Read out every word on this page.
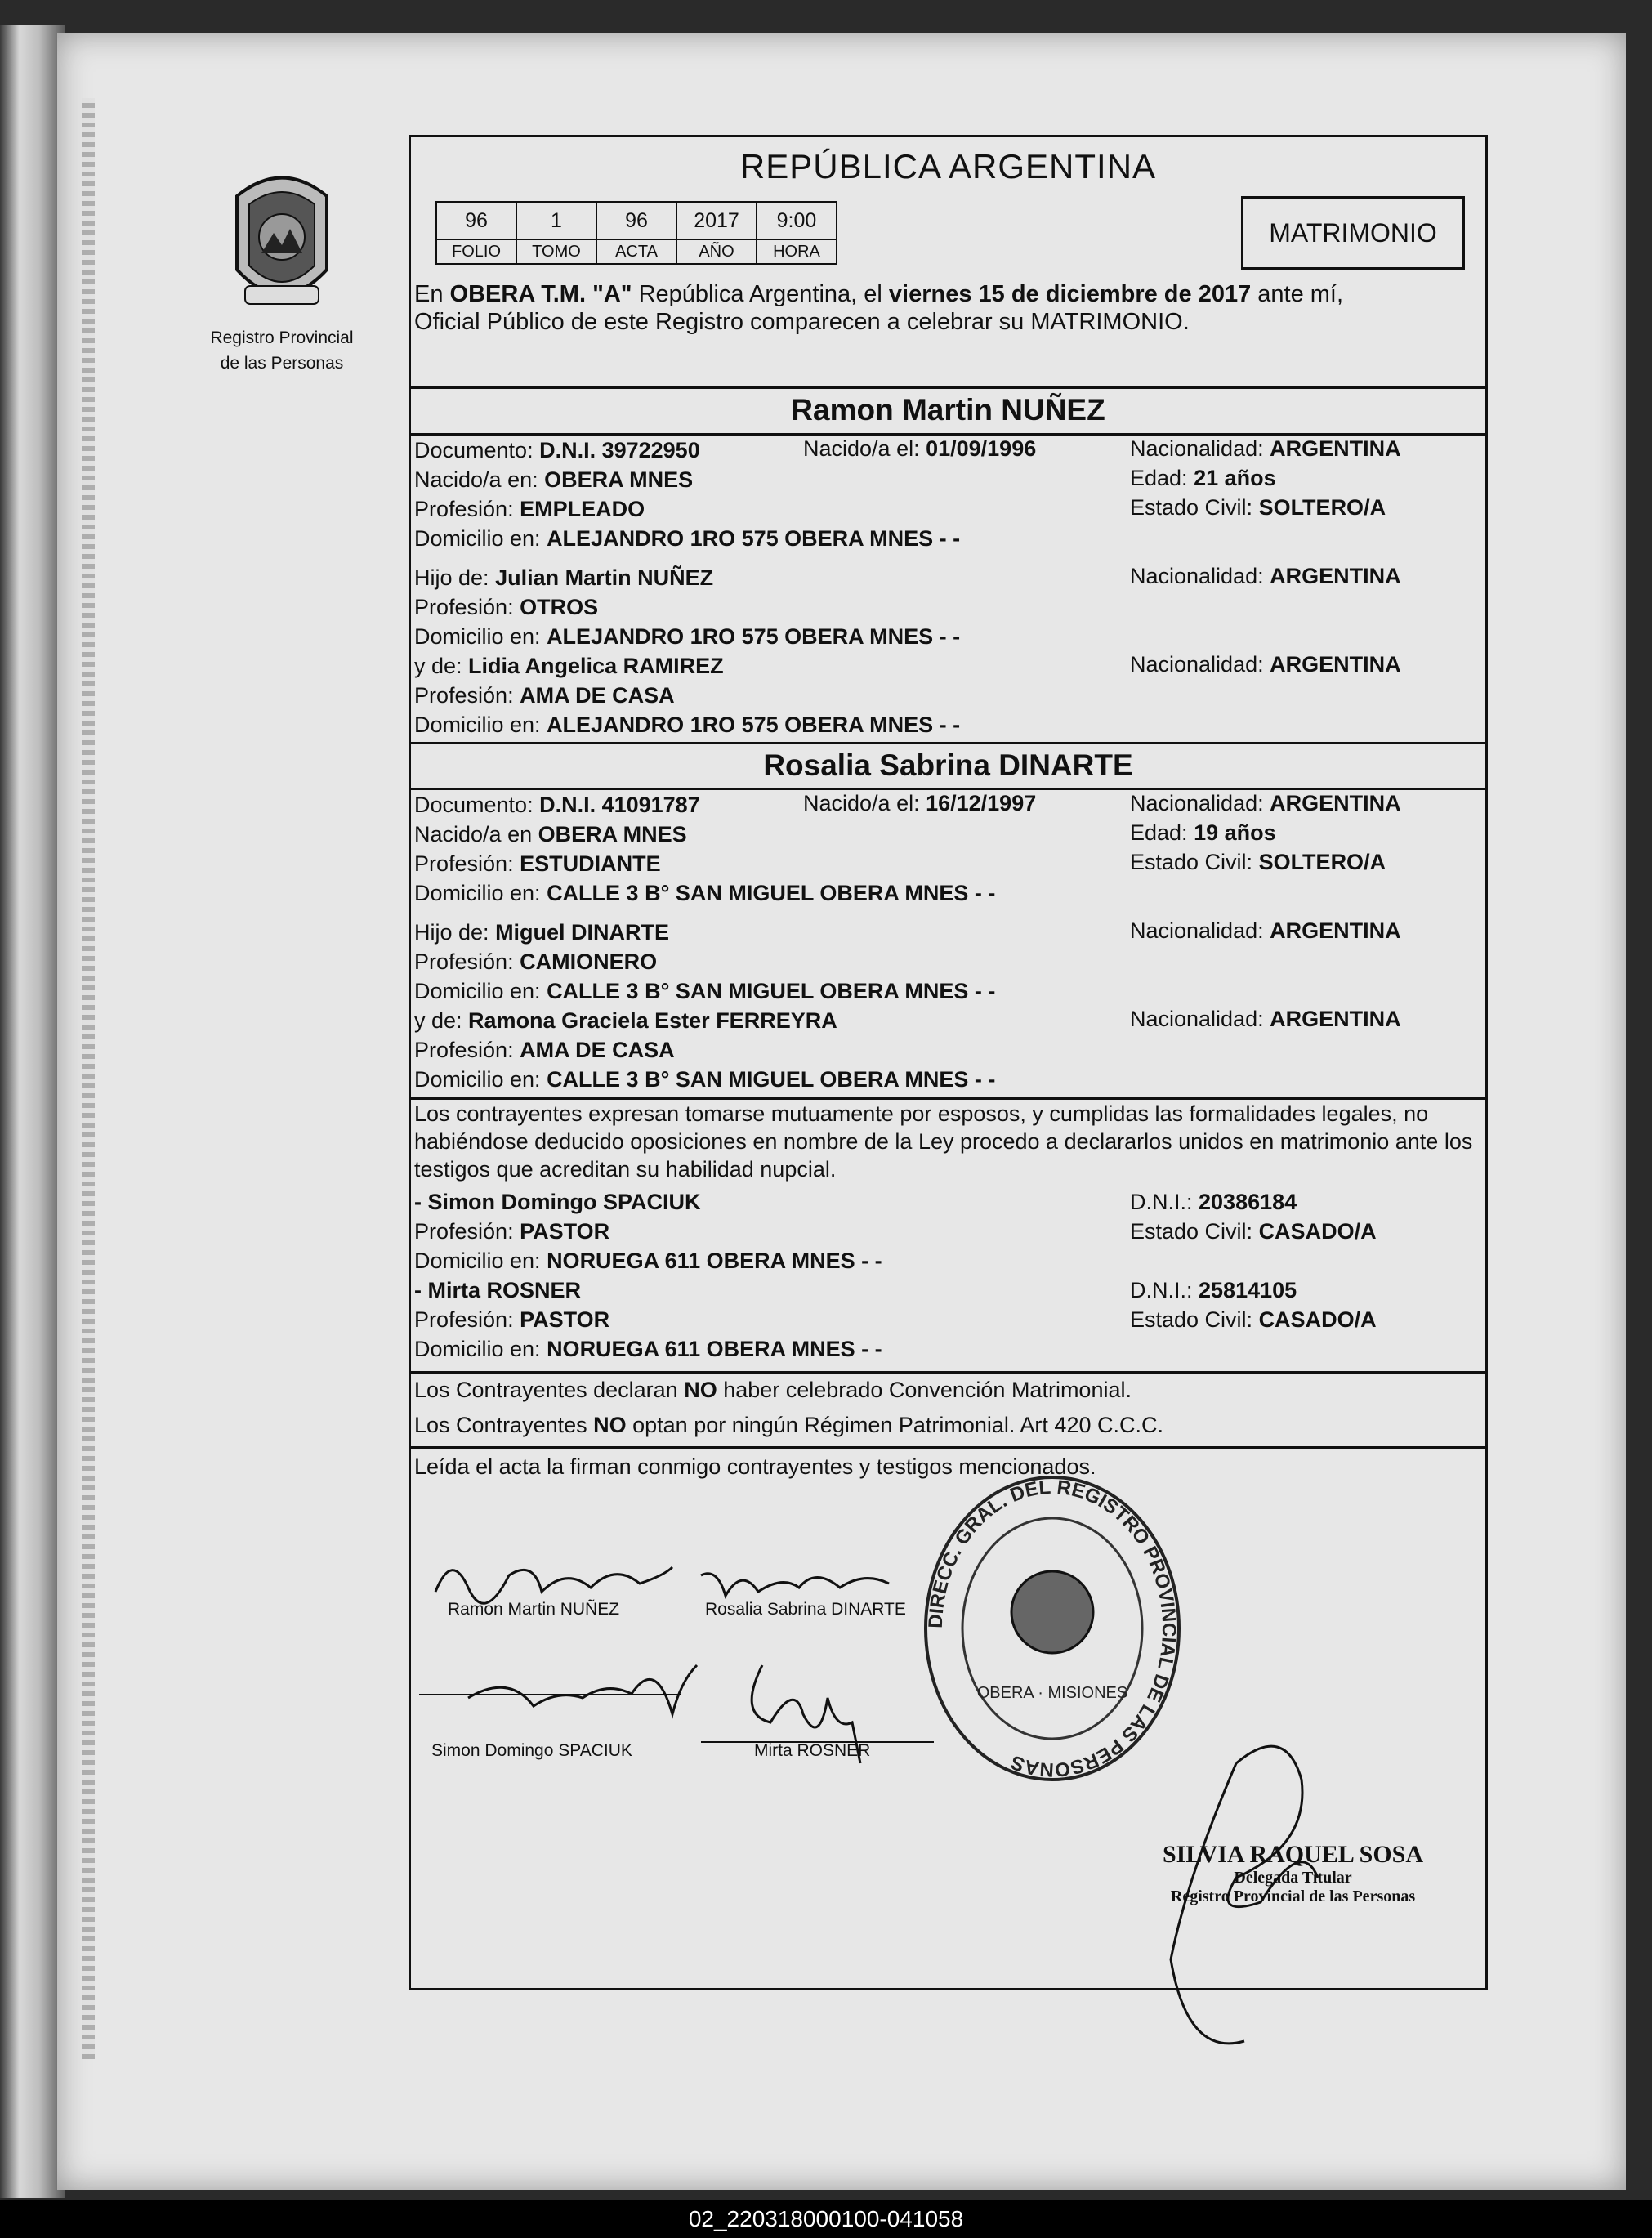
Registro Provincial
de las Personas
REPÚBLICA ARGENTINA
96	1	96	2017	9:00
FOLIO	TOMO	ACTA	AÑO	HORA
MATRIMONIO
En OBERA T.M. "A" República Argentina, el viernes 15 de diciembre de 2017 ante mí,
Oficial Público de este Registro comparecen a celebrar su MATRIMONIO.
Ramon Martin NUÑEZ
Documento: D.N.I. 39722950	Nacido/a el: 01/09/1996	Nacionalidad: ARGENTINA
Nacido/a en: OBERA MNES	Edad: 21 años
Profesión: EMPLEADO	Estado Civil: SOLTERO/A
Domicilio en: ALEJANDRO 1RO 575 OBERA MNES - -
Hijo de: Julian Martin NUÑEZ	Nacionalidad: ARGENTINA
Profesión: OTROS
Domicilio en: ALEJANDRO 1RO 575 OBERA MNES - -
y de: Lidia Angelica RAMIREZ	Nacionalidad: ARGENTINA
Profesión: AMA DE CASA
Domicilio en: ALEJANDRO 1RO 575 OBERA MNES - -
Rosalia Sabrina DINARTE
Documento: D.N.I. 41091787	Nacido/a el: 16/12/1997	Nacionalidad: ARGENTINA
Nacido/a en OBERA MNES	Edad: 19 años
Profesión: ESTUDIANTE	Estado Civil: SOLTERO/A
Domicilio en: CALLE 3 B° SAN MIGUEL OBERA MNES - -
Hijo de: Miguel DINARTE	Nacionalidad: ARGENTINA
Profesión: CAMIONERO
Domicilio en: CALLE 3 B° SAN MIGUEL OBERA MNES - -
y de: Ramona Graciela Ester FERREYRA	Nacionalidad: ARGENTINA
Profesión: AMA DE CASA
Domicilio en: CALLE 3 B° SAN MIGUEL OBERA MNES - -
Los contrayentes expresan tomarse mutuamente por esposos, y cumplidas las formalidades legales, no habiéndose deducido oposiciones en nombre de la Ley procedo a declararlos unidos en matrimonio ante los testigos que acreditan su habilidad nupcial.
- Simon Domingo SPACIUK	D.N.I.: 20386184
Profesión: PASTOR	Estado Civil: CASADO/A
Domicilio en: NORUEGA 611 OBERA MNES - -
- Mirta ROSNER	D.N.I.: 25814105
Profesión: PASTOR	Estado Civil: CASADO/A
Domicilio en: NORUEGA 611 OBERA MNES - -
Los Contrayentes declaran NO haber celebrado Convención Matrimonial.
Los Contrayentes NO optan por ningún Régimen Patrimonial. Art 420 C.C.C.
Leída el acta la firman conmigo contrayentes y testigos mencionados.
Ramon Martin NUÑEZ	Rosalia Sabrina DINARTE
Simon Domingo SPACIUK	Mirta ROSNER
DIRECC. GRAL. DEL REGISTRO PROVINCIAL DE LAS PERSONAS
OBERA · MISIONES
SILVIA RAQUEL SOSA
Delegada Titular
Registro Provincial de las Personas
02_220318000100-041058
